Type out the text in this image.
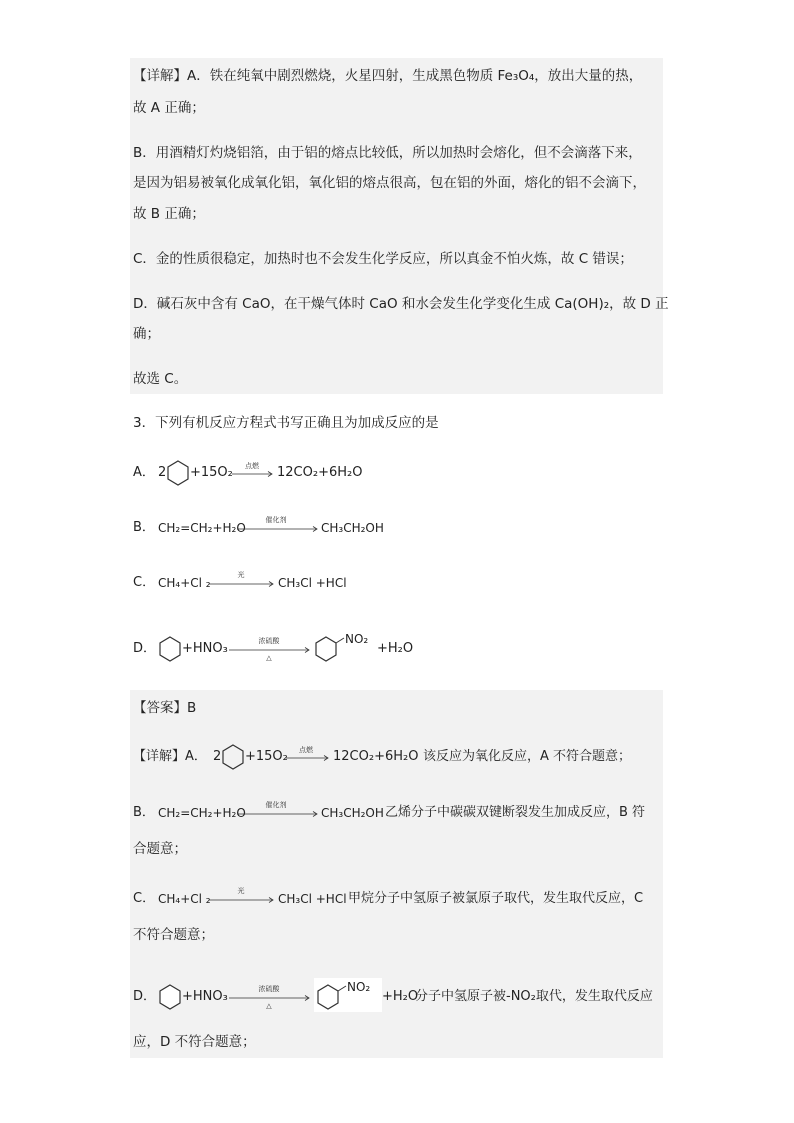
【详解】A．铁在纯氧中剧烈燃烧，火星四射，生成黑色物质 Fe₃O₄，放出大量的热，
故 A 正确；
B．用酒精灯灼烧铝箔，由于铝的熔点比较低，所以加热时会熔化，但不会滴落下来，
是因为铝易被氧化成氧化铝，氧化铝的熔点很高，包在铝的外面，熔化的铝不会滴下，
故 B 正确；
C．金的性质很稳定，加热时也不会发生化学反应，所以真金不怕火炼，故 C 错误；
D．碱石灰中含有 CaO，在干燥气体时 CaO 和水会发生化学变化生成 Ca(OH)₂，故 D 正
确；
故选 C。
3．下列有机反应方程式书写正确且为加成反应的是
A． 2 +15O₂	点燃 → 12CO₂+6H₂O
B． CH₂=CH₂+H₂O
催化剂
CH₃CH₂OH
C． CH₄+Cl ₂
光
CH₃Cl +HCl
D． +HNO₃	浓硫酸
△
NO₂
+H₂O
【答案】B
【详解】A． 2 +15O₂	点燃 → 12CO₂+6H₂O 该反应为氧化反应，A 不符合题意；
B． CH₂=CH₂+H₂O
催化剂
CH₃CH₂OH 乙烯分子中碳碳双键断裂发生加成反应，B 符
合题意；
C． CH₄+Cl ₂
光
CH₃Cl +HCl 甲烷分子中氢原子被氯原子取代，发生取代反应，C
不符合题意；
D． +HNO₃	浓硫酸
△
NO₂
+H₂O
分子中氢原子被-NO₂取代，发生取代反应
应，D 不符合题意；
